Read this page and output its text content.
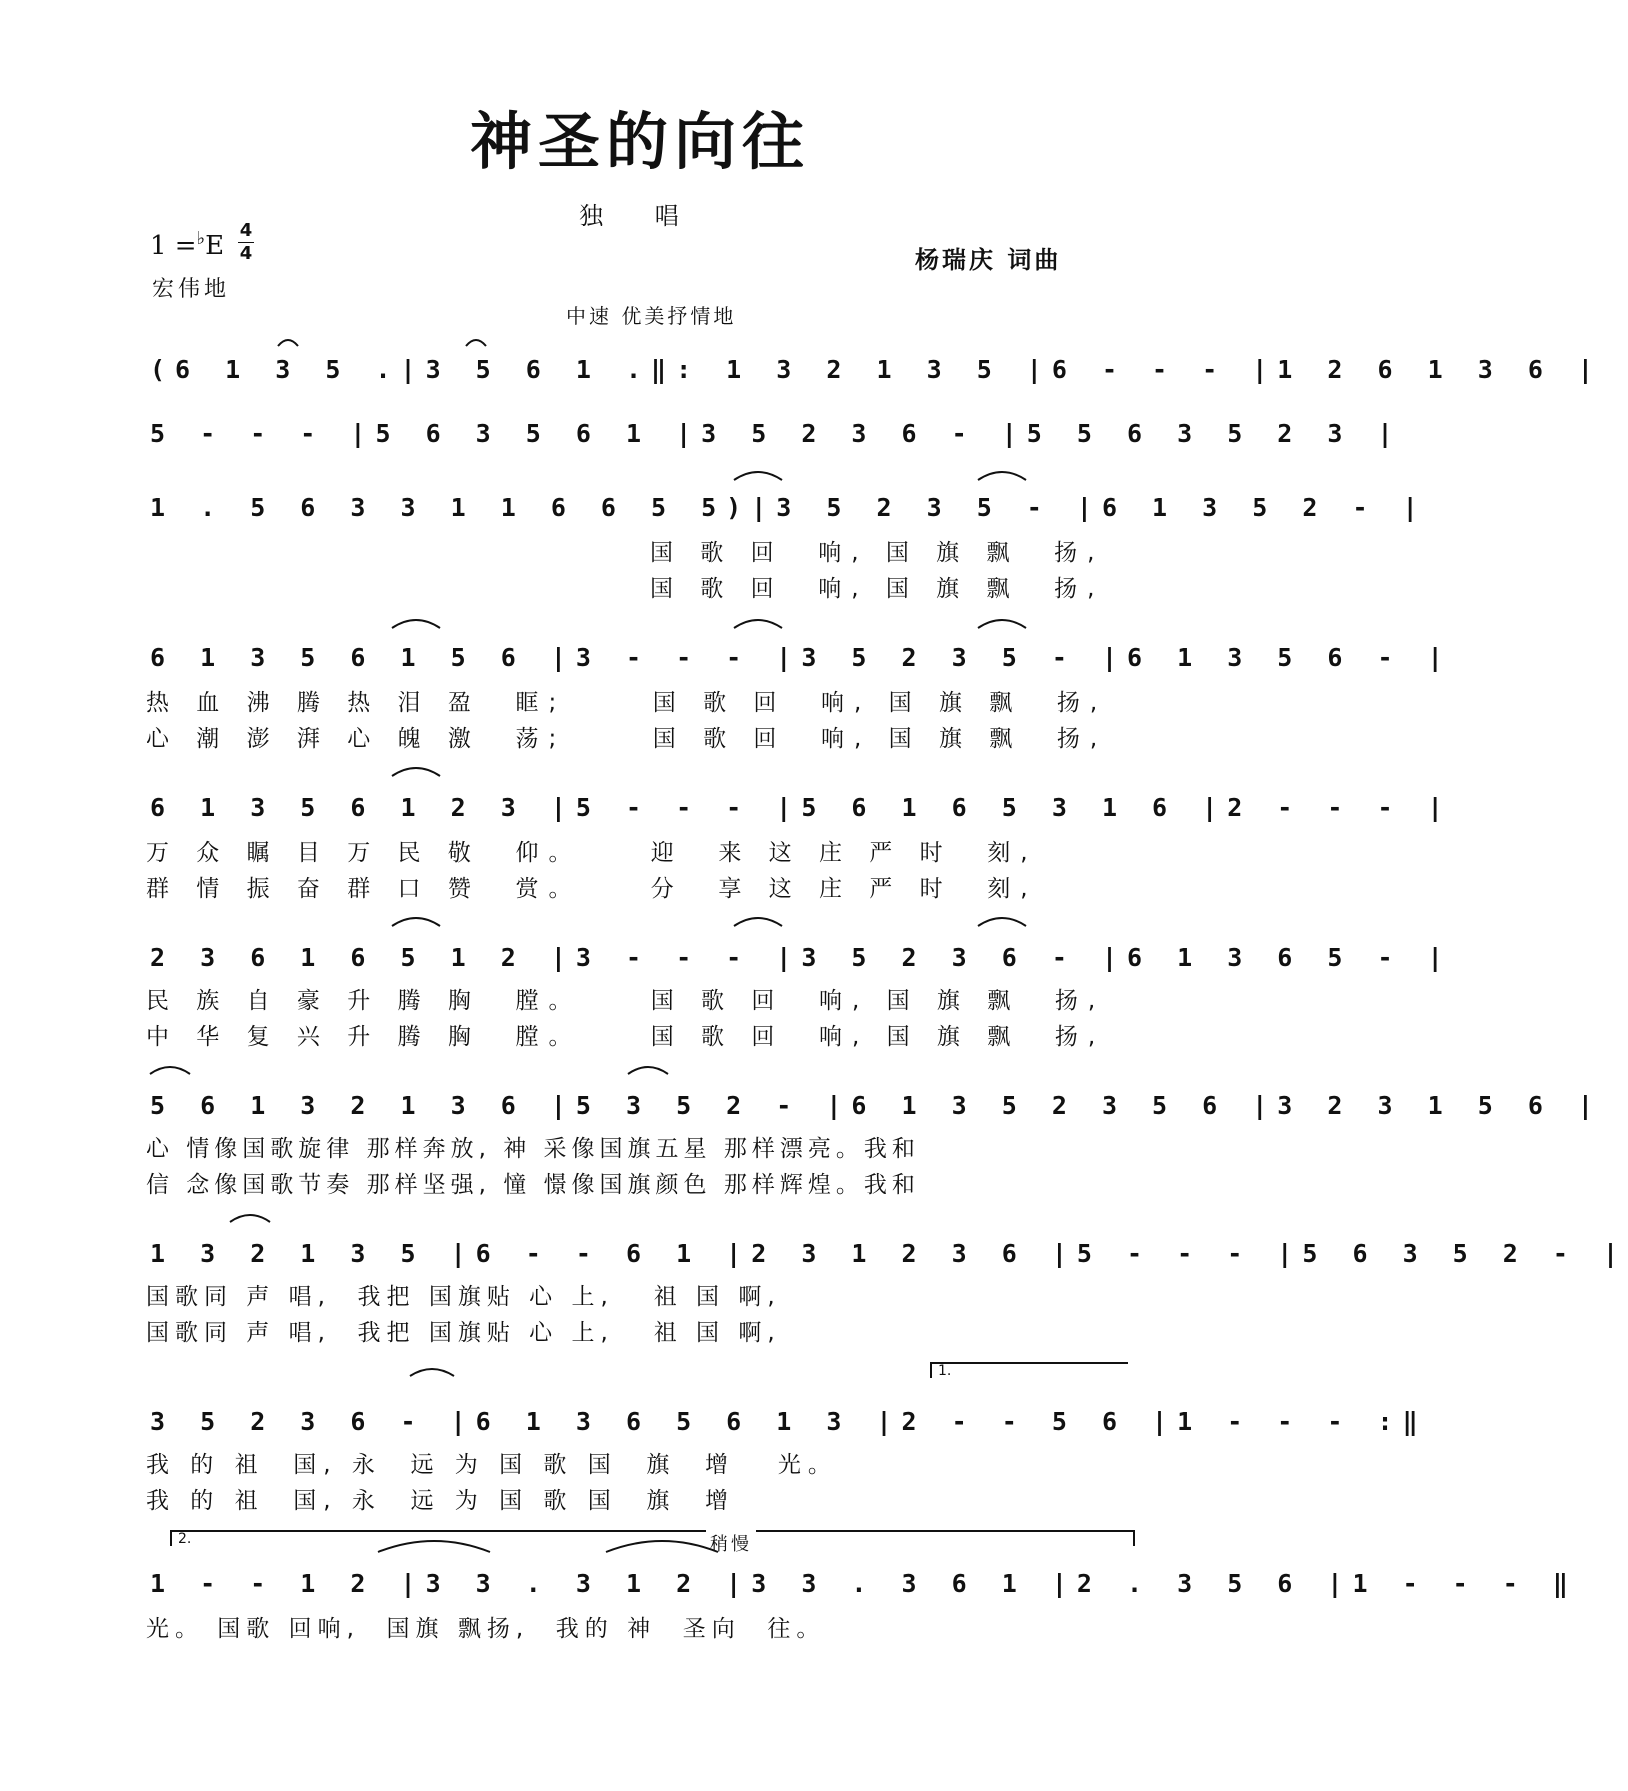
神圣的向往
独 唱
1 =♭E
4
4
宏伟地
杨瑞庆 词曲
中速 优美抒情地
(6 1 3 5 .|3 5 6 1 .‖: 1 3 2 1 3 5 |6 - - - |1 2 6 1 3 6 |
5 - - - |5 6 3 5 6 1 |3 5 2 3 6 - |5 5 6 3 5 2 3 |
1 . 5 6 3 3 1 1 6 6 5 5)|3 5 2 3 5 - |6 1 3 5 2 - |
国 歌 回  响, 国 旗 飘  扬,
国 歌 回  响, 国 旗 飘  扬,
6 1 3 5 6 1 5 6 |3 - - - |3 5 2 3 5 - |6 1 3 5 6 - |
热 血 沸 腾 热 泪 盈  眶;     国 歌 回  响, 国 旗 飘  扬,
心 潮 澎 湃 心 魄 激  荡;     国 歌 回  响, 国 旗 飘  扬,
6 1 3 5 6 1 2 3 |5 - - - |5 6 1 6 5 3 1 6 |2 - - - |
万 众 瞩 目 万 民 敬  仰。    迎  来 这 庄 严 时  刻,
群 情 振 奋 群 口 赞  赏。    分  享 这 庄 严 时  刻,
2 3 6 1 6 5 1 2 |3 - - - |3 5 2 3 6 - |6 1 3 6 5 - |
民 族 自 豪 升 腾 胸  膛。    国 歌 回  响, 国 旗 飘  扬,
中 华 复 兴 升 腾 胸  膛。    国 歌 回  响, 国 旗 飘  扬,
5 6 1 3 2 1 3 6 |5 3 5 2 - |6 1 3 5 2 3 5 6 |3 2 3 1 5 6 |
心 情像国歌旋律 那样奔放, 神 采像国旗五星 那样漂亮。我和
信 念像国歌节奏 那样坚强, 憧 憬像国旗颜色 那样辉煌。我和
1 3 2 1 3 5 |6 - - 6 1 |2 3 1 2 3 6 |5 - - - |5 6 3 5 2 - |
国歌同 声 唱,  我把 国旗贴 心 上,   祖 国 啊,
国歌同 声 唱,  我把 国旗贴 心 上,   祖 国 啊,
1.
3 5 2 3 6 - |6 1 3 6 5 6 1 3 |2 - - 5 6 |1 - - - :‖
我 的 祖  国, 永  远 为 国 歌 国  旗  增   光。
我 的 祖  国, 永  远 为 国 歌 国  旗  增
2.	稍慢
1 - - 1 2 |3 3 . 3 1 2 |3 3 . 3 6 1 |2 . 3 5 6 |1 - - - ‖
光。 国歌 回响,  国旗 飘扬,  我的 神  圣向  往。
